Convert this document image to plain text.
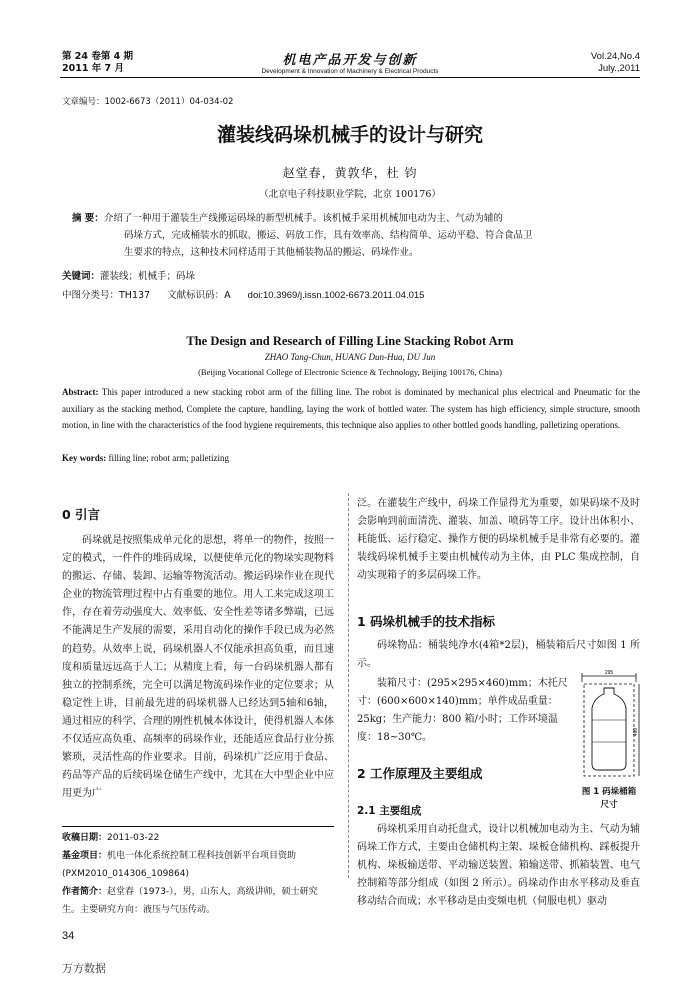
第 24 卷第 4 期
2011 年 7 月
机电产品开发与创新
Development & Innovation of Machinery & Electrical Products
Vol.24,No.4
July.,2011
文章编号：1002-6673（2011）04-034-02
灌装线码垛机械手的设计与研究
赵堂春，黄敦华，杜 钧
（北京电子科技职业学院，北京 100176）
摘 要：介绍了一种用于灌装生产线搬运码垛的新型机械手。该机械手采用机械加电动为主、气动为辅的
码垛方式，完成桶装水的抓取、搬运、码放工作，具有效率高、结构简单、运动平稳、符合食品卫
生要求的特点，这种技术同样适用于其他桶装物品的搬运、码垛作业。
关键词：灌装线；机械手；码垛
中图分类号：TH137 文献标识码：A doi:10.3969/j.issn.1002-6673.2011.04.015
The Design and Research of Filling Line Stacking Robot Arm
ZHAO Tang-Chun, HUANG Dun-Hua, DU Jun
(Beijing Vocational College of Electronic Science & Technology, Beijing 100176, China)
Abstract: This paper introduced a new stacking robot arm of the filling line. The robot is dominated by mechanical plus electrical and Pneumatic for the auxiliary as the stacking method, Complete the capture, handling, laying the work of bottled water. The system has high efficiency, simple structure, smooth motion, in line with the characteristics of the food hygiene requirements, this technique also applies to other bottled goods handling, palletizing operations.
Key words: filling line; robot arm; palletizing
0 引言

码垛就是按照集成单元化的思想，将单一的物件，按照一定的模式，一件件的堆码成垛，以便使单元化的物垛实现物料的搬运、存储、装卸、运输等物流活动。搬运码垛作业在现代企业的物流管理过程中占有重要的地位。用人工来完成这项工作，存在着劳动强度大、效率低、安全性差等诸多弊端，已远不能满足生产发展的需要，采用自动化的操作手段已成为必然的趋势。从效率上说，码垛机器人不仅能承担高负重，而且速度和质量远远高于人工；从精度上看，每一台码垛机器人都有独立的控制系统，完全可以满足物流码垛作业的定位要求；从稳定性上讲，目前最先进的码垛机器人已经达到5轴和6轴，通过相应的科学、合理的刚性机械本体设计，使得机器人本体不仅适应高负重、高频率的码垛作业，还能适应食品行业分拣繁琐，灵活性高的作业要求。目前，码垛机广泛应用于食品、药品等产品的后续码垛仓储生产线中，尤其在大中型企业中应用更为广

收稿日期：2011-03-22
基金项目：机电一体化系统控制工程科技创新平台项目资助(PXM2010_014306_109864)
作者简介：赵堂春（1973-），男，山东人，高级讲师，硕士研究生。主要研究方向：液压与气压传动。

泛。在灌装生产线中，码垛工作显得尤为重要，如果码垛不及时会影响到前面清洗、灌装、加盖、喷码等工序。设计出体积小、耗能低、运行稳定、操作方便的码垛机械手是非常有必要的。灌装线码垛机械手主要由机械传动为主体，由 PLC 集成控制，自动实现箱子的多层码垛工作。

1 码垛机械手的技术指标

码垛物品：桶装纯净水(4箱*2层)，桶装箱后尺寸如图 1 所示。

装箱尺寸：(295×295×460)mm；木托尺寸：(600×600×140)mm；单件成品重量：25kg；生产能力：800 箱/小时；工作环境温度：18~30℃。

2 工作原理及主要组成
2.1 主要组成

码垛机采用自动托盘式，设计以机械加电动为主、气动为辅码垛工作方式，主要由仓储机构主架、垛板仓储机构、踩板提升机构、垛板输送带、平动输送装置、箱输送带、抓箱装置、电气控制箱等部分组成（如图 2 所示）。码垛动作由水平移动及垂直移动结合而成；水平移动是由变频电机（伺服电机）驱动

295
460
图 1 码垛桶箱
尺寸
34
万方数据
